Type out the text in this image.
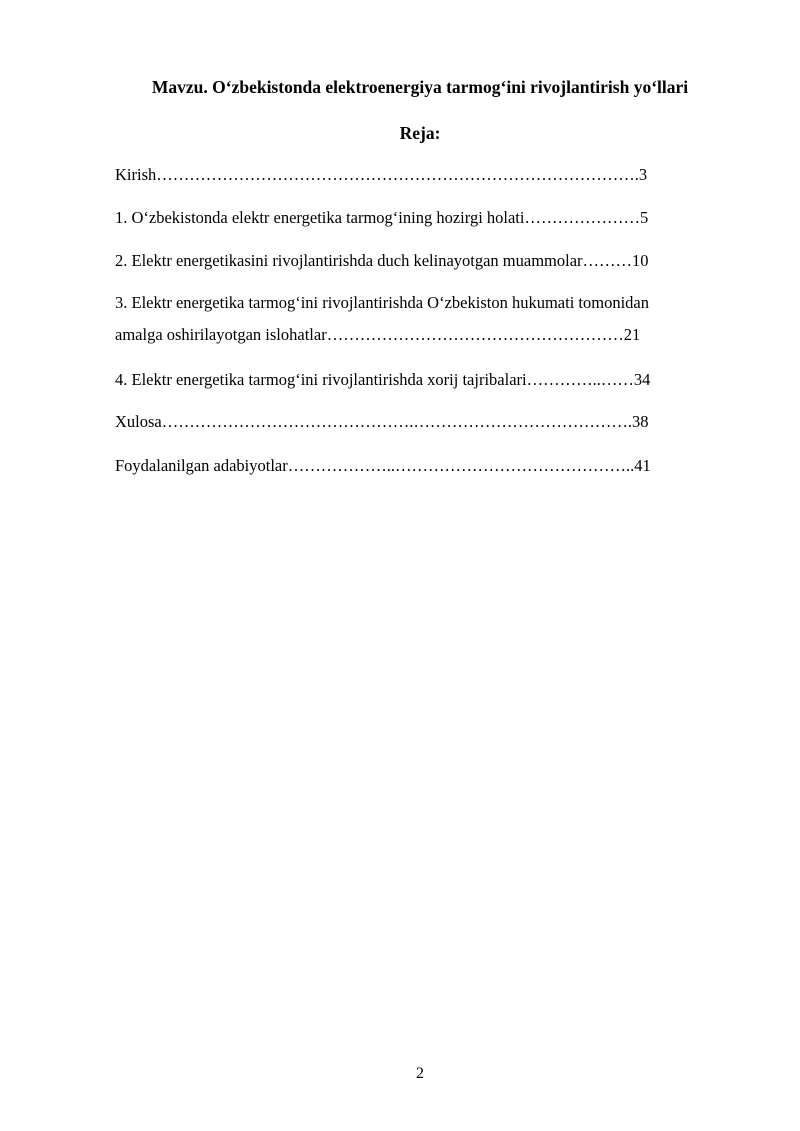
Mavzu. O‘zbekistonda elektroenergiya tarmog‘ini rivojlantirish yo‘llari
Reja:
Kirish…………………………………………………………………………….3
1. O‘zbekistonda elektr energetika tarmog‘ining hozirgi holati…………………5
2. Elektr energetikasini rivojlantirishda duch kelinayotgan muammolar………10
3. Elektr energetika tarmog‘ini rivojlantirishda O‘zbekiston hukumati tomonidan
amalga oshirilayotgan islohatlar………………………………………………21
4. Elektr energetika tarmog‘ini rivojlantirishda xorij tajribalari…………..……34
Xulosa……………………………………….………………………………….38
Foydalanilgan adabiyotlar………………..……………………………………..41
2
